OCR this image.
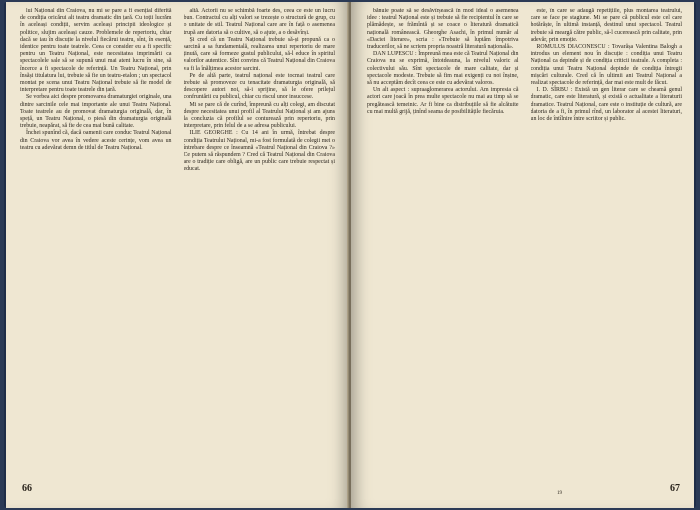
lui Național din Craiova, nu mi se pare a fi esențial diferită de condiția oricărui alt teatru dramatic din țară. Cu toții lucrăm în aceleași condiții, servim aceleași principii ideologice și politice, slujim aceleași cauze. Problemele de repertoriu, chiar dacă se iau în discuție la nivelul fiecărui teatru, sînt, în esență, identice pentru toate teatrele. Ceea ce consider eu a fi specific pentru un Teatru Național, este necesitatea imprimării ca spectacolele sale să se supună unui mai atent lucru în sine, să încerce a fi spectacole de referință. Un Teatru Național, prin însăși titulatura lui, trebuie să fie un teatru-etalon ; un spectacol montat pe scena unui Teatru Național trebuie să fie model de interpretare pentru toate teatrele din țară.

Se vorbea aici despre promovarea dramaturgiei originale, una dintre sarcinile cele mai importante ale unui Teatru Național. Toate teatrele au de promovat dramaturgia originală, dar, în speță, un Teatru Național, o piesă din dramaturgia originală trebuie, neapărat, să fie de cea mai bună calitate.

Închei spunînd că, dacă oamenii care conduc Teatrul Național din Craiova vor avea în vedere aceste cerințe, vom avea un teatru cu adevărat demn de titlul de Teatru Național.

altă. Actorii nu se schimbă foarte des, ceea ce este un lucru bun. Contractul cu alți valori se trezește o structură de grup, cu o unitate de stil. Teatrul Național care are în față o asemenea trupă are datoria să o cultive, să o ajute, a o desăvîrși.

Și cred că un Teatru Național trebuie să-și propună ca o sarcină a sa fundamentală, realizarea unui repertoriu de mare ținută, care să formeze gustul publicului, să-l educe în spiritul valorilor autentice. Sînt convins că Teatrul Național din Craiova va fi la înălțimea acestor sarcini.

Pe de altă parte, teatrul național este tocmai teatrul care trebuie să promoveze cu tenacitate dramaturgia originală, să descopere autori noi, să-i sprijine, să le ofere prilejul confruntării cu publicul, chiar cu riscul unor insuccese.

Mi se pare că de curînd, împreună cu alți colegi, am discutat despre necesitatea unui profil al Teatrului Național și am ajuns la concluzia că profilul se conturează prin repertoriu, prin interpretare, prin felul de a se adresa publicului.

ILIE GEORGHE : Cu 14 ani în urmă, întrebat despre condiția Teatrului Național, mi-a fost formulată de colegii mei o întrebare despre ce înseamnă «Teatrul Național din Craiova ?» Ce putem să răspundem ? Cred că Teatrul Național din Craiova are o tradiție care obligă, are un public care trebuie respectat și educat.

66

bănuie poate să se desăvîrșească în mod ideal o asemenea idee : teatrul Național este și trebuie să fie recipientul în care se plămădește, se frămîntă și se coace o literatură dramatică națională românească. Gheorghe Asachi, în primul număr al «Daciei literare», scria : «Trebuie să luptăm împotriva traducerilor, să ne scriem propria noastră literatură națională».

DAN LUPESCU : Împreună mea este că Teatrul Național din Craiova nu se exprimă, întotdeauna, la nivelul valoric al colectivului său. Sînt spectacole de mare calitate, dar și spectacole modeste. Trebuie să fim mai exigenți cu noi înșine, să nu acceptăm decît ceea ce este cu adevărat valoros.

Un alt aspect : supraaglomerarea actorului. Am impresia că actori care joacă în prea multe spectacole nu mai au timp să se pregătească temeinic. Ar fi bine ca distribuțiile să fie alcătuite cu mai multă grijă, ținînd seama de posibilitățile fiecăruia.

este, în care se adaugă repetițiile, plus montarea teatrului, care se face pe stagiune. Mi se pare că publicul este cel care hotărăște, în ultimă instanță, destinul unui spectacol. Teatrul trebuie să meargă către public, să-l cucerească prin calitate, prin adevăr, prin emoție.

ROMULUS DIACONESCU : Tovarășa Valentina Balogh a introdus un element nou în discuție : condiția unui Teatru Național ca depinde și de condiția criticii teatrale. A completa : condiția unui Teatru Național depinde de condiția întregii mișcări culturale. Cred că în ultimii ani Teatrul Național a realizat spectacole de referință, dar mai este mult de făcut.

I. D. SÎRBU : Există un gen literar care se cheamă genul dramatic, care este literatură, și există o actualitate a literaturii dramatice. Teatrul Național, care este o instituție de cultură, are datoria de a fi, în primul rînd, un laborator al acestei literaturi, un loc de întîlnire între scriitor și public.

19	67
